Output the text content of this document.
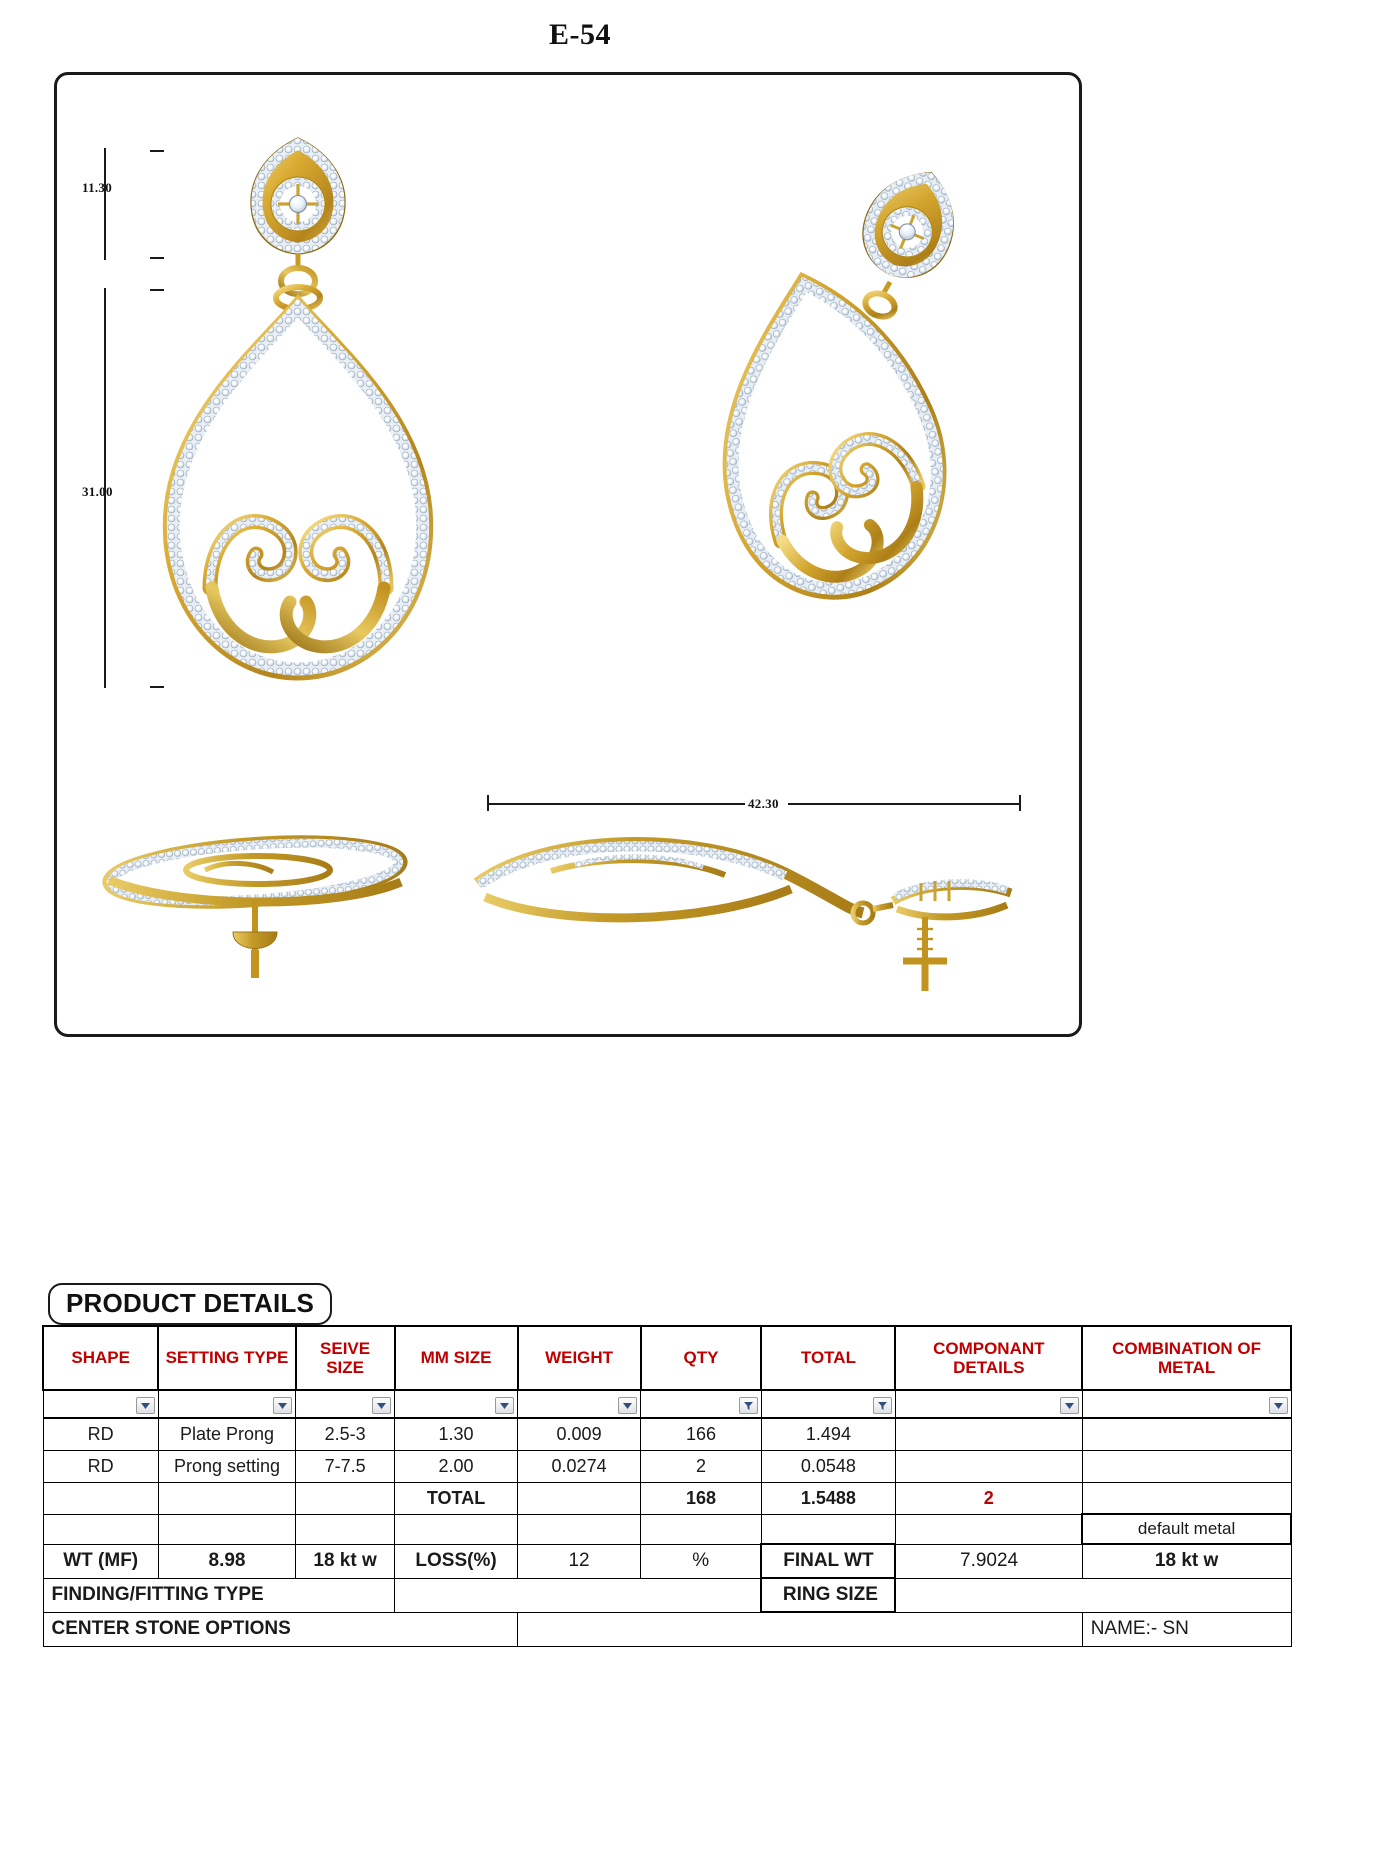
E-54
11.30
31.00
42.30
PRODUCT DETAILS
SHAPE	SETTING TYPE	SEIVE SIZE	MM SIZE	WEIGHT	QTY	TOTAL	COMPONANT DETAILS	COMBINATION OF METAL

RD	Plate Prong	2.5-3	1.30	0.009	166	1.494		
RD	Prong setting	7-7.5	2.00	0.0274	2	0.0548		
			TOTAL		168	1.5488	2	
								default metal
WT (MF)	8.98	18 kt w	LOSS(%)	12	%	FINAL WT	7.9024	18 kt w
FINDING/FITTING TYPE						RING SIZE		
CENTER STONE OPTIONS								NAME:- SN
